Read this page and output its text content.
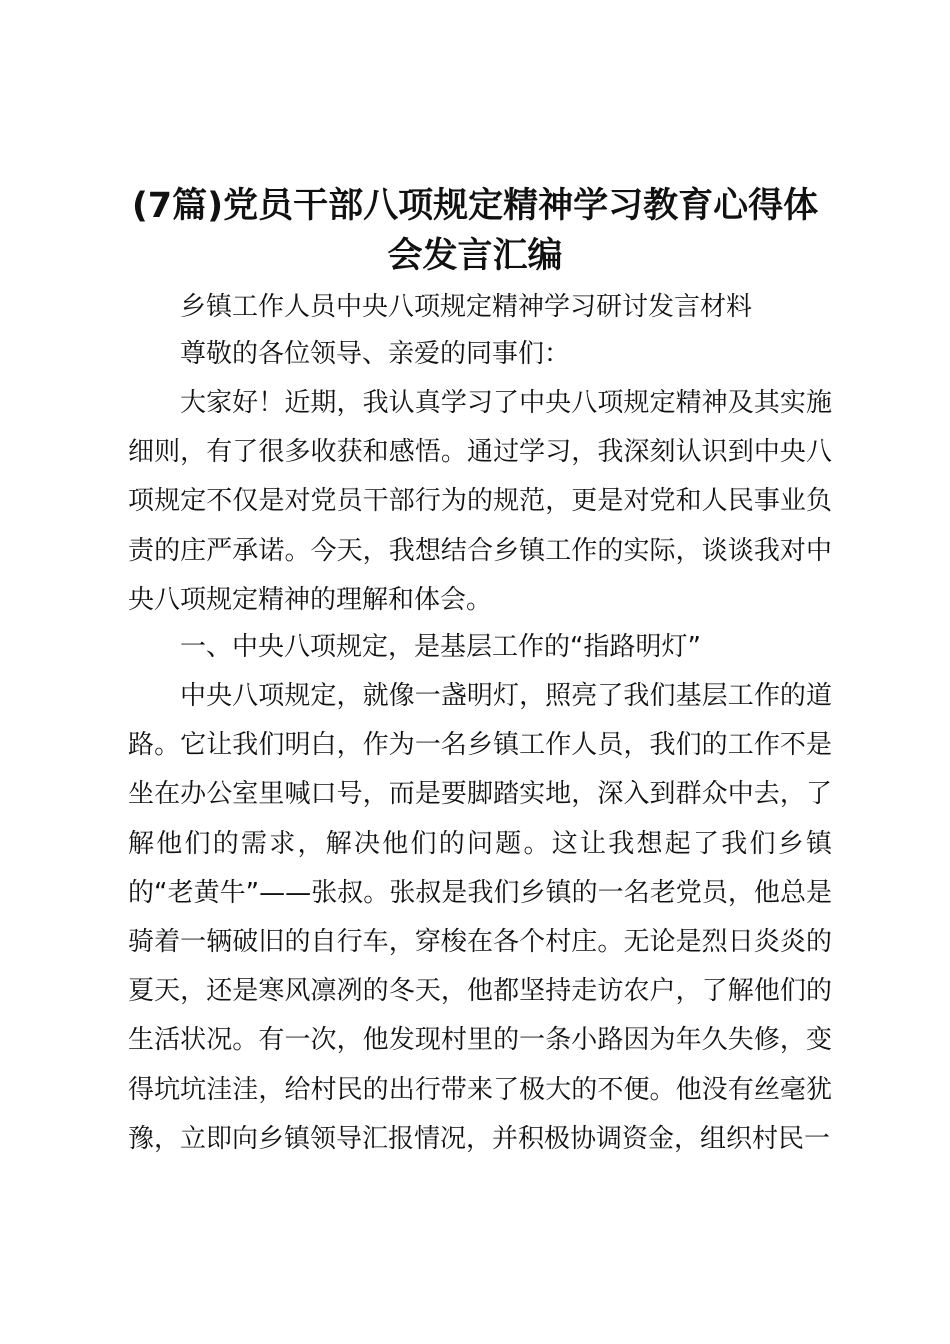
(7篇)党员干部八项规定精神学习教育心得体会发言汇编

乡镇工作人员中央八项规定精神学习研讨发言材料

尊敬的各位领导、亲爱的同事们：

大家好！近期，我认真学习了中央八项规定精神及其实施细则，有了很多收获和感悟。通过学习，我深刻认识到中央八项规定不仅是对党员干部行为的规范，更是对党和人民事业负责的庄严承诺。今天，我想结合乡镇工作的实际，谈谈我对中央八项规定精神的理解和体会。

一、中央八项规定，是基层工作的“指路明灯”

中央八项规定，就像一盏明灯，照亮了我们基层工作的道路。它让我们明白，作为一名乡镇工作人员，我们的工作不是坐在办公室里喊口号，而是要脚踏实地，深入到群众中去，了解他们的需求，解决他们的问题。这让我想起了我们乡镇的“老黄牛”——张叔。张叔是我们乡镇的一名老党员，他总是骑着一辆破旧的自行车，穿梭在各个村庄。无论是烈日炎炎的夏天，还是寒风凛冽的冬天，他都坚持走访农户，了解他们的生活状况。有一次，他发现村里的一条小路因为年久失修，变得坑坑洼洼，给村民的出行带来了极大的不便。他没有丝毫犹豫，立即向乡镇领导汇报情况，并积极协调资金，组织村民一
